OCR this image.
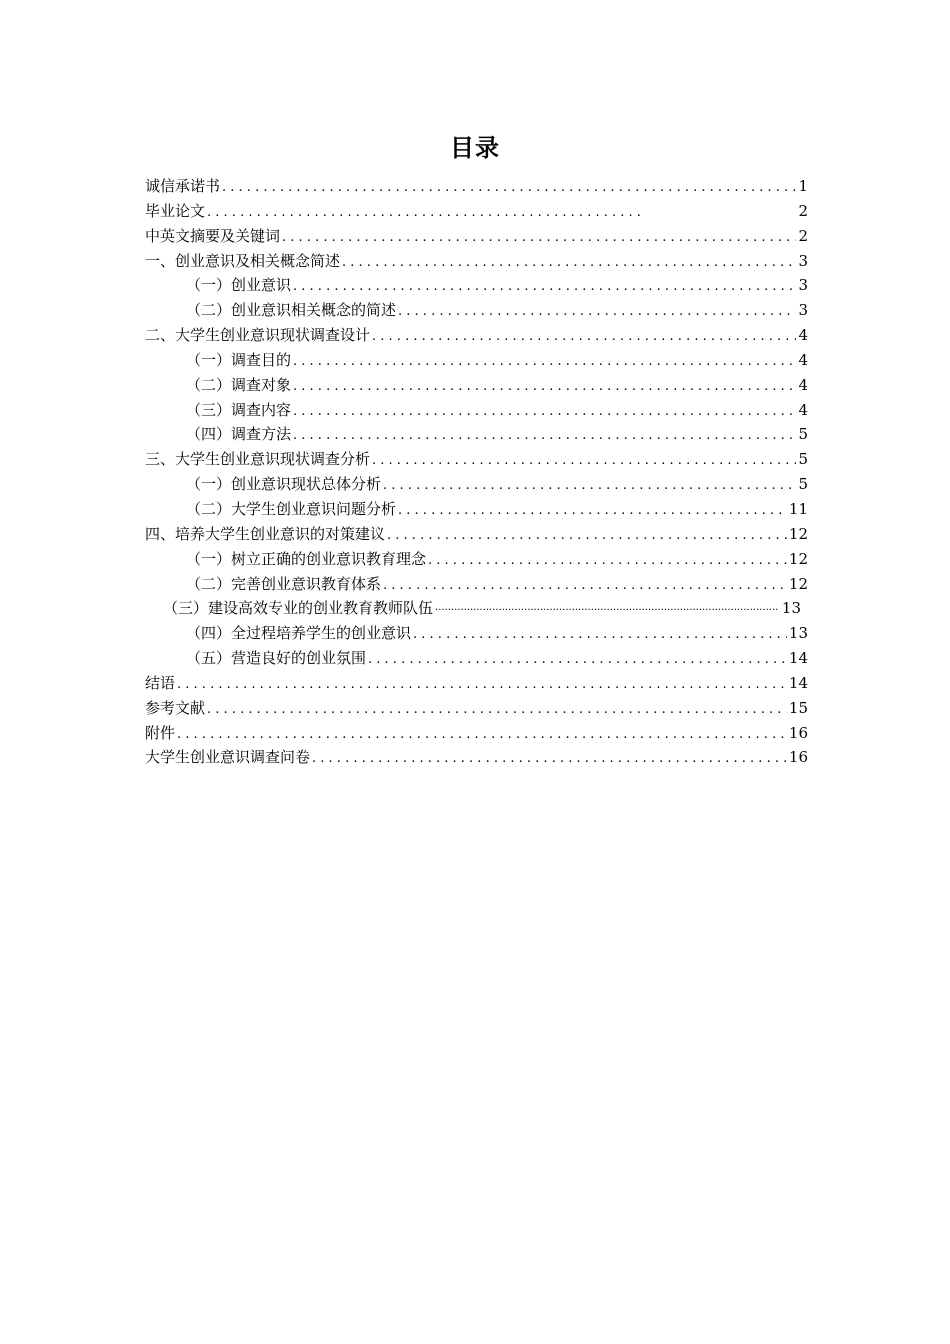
目录
诚信承诺书 . . .	1
毕业论文 . . .	2
中英文摘要及关键词 . . .	2
一、创业意识及相关概念简述 . . .	3
（一）创业意识 . . .	3
（二）创业意识相关概念的简述 . . .	3
二、大学生创业意识现状调查设计 . . .	4
（一）调查目的 . . .	4
（二）调查对象 . . .	4
（三）调查内容 . . .	4
（四）调查方法 . . .	5
三、大学生创业意识现状调查分析 . . .	5
（一）创业意识现状总体分析 . . .	5
（二）大学生创业意识问题分析 . . .	11
四、培养大学生创业意识的对策建议 . . .	12
（一）树立正确的创业意识教育理念 . . .	12
（二）完善创业意识教育体系 . . .	12
（三）建设高效专业的创业教育教师队伍 ·····	13
（四）全过程培养学生的创业意识 . . .	13
（五）营造良好的创业氛围 . . .	14
结语 . . .	14
参考文献 . . .	15
附件 . . .	16
大学生创业意识调查问卷 . . .	16
